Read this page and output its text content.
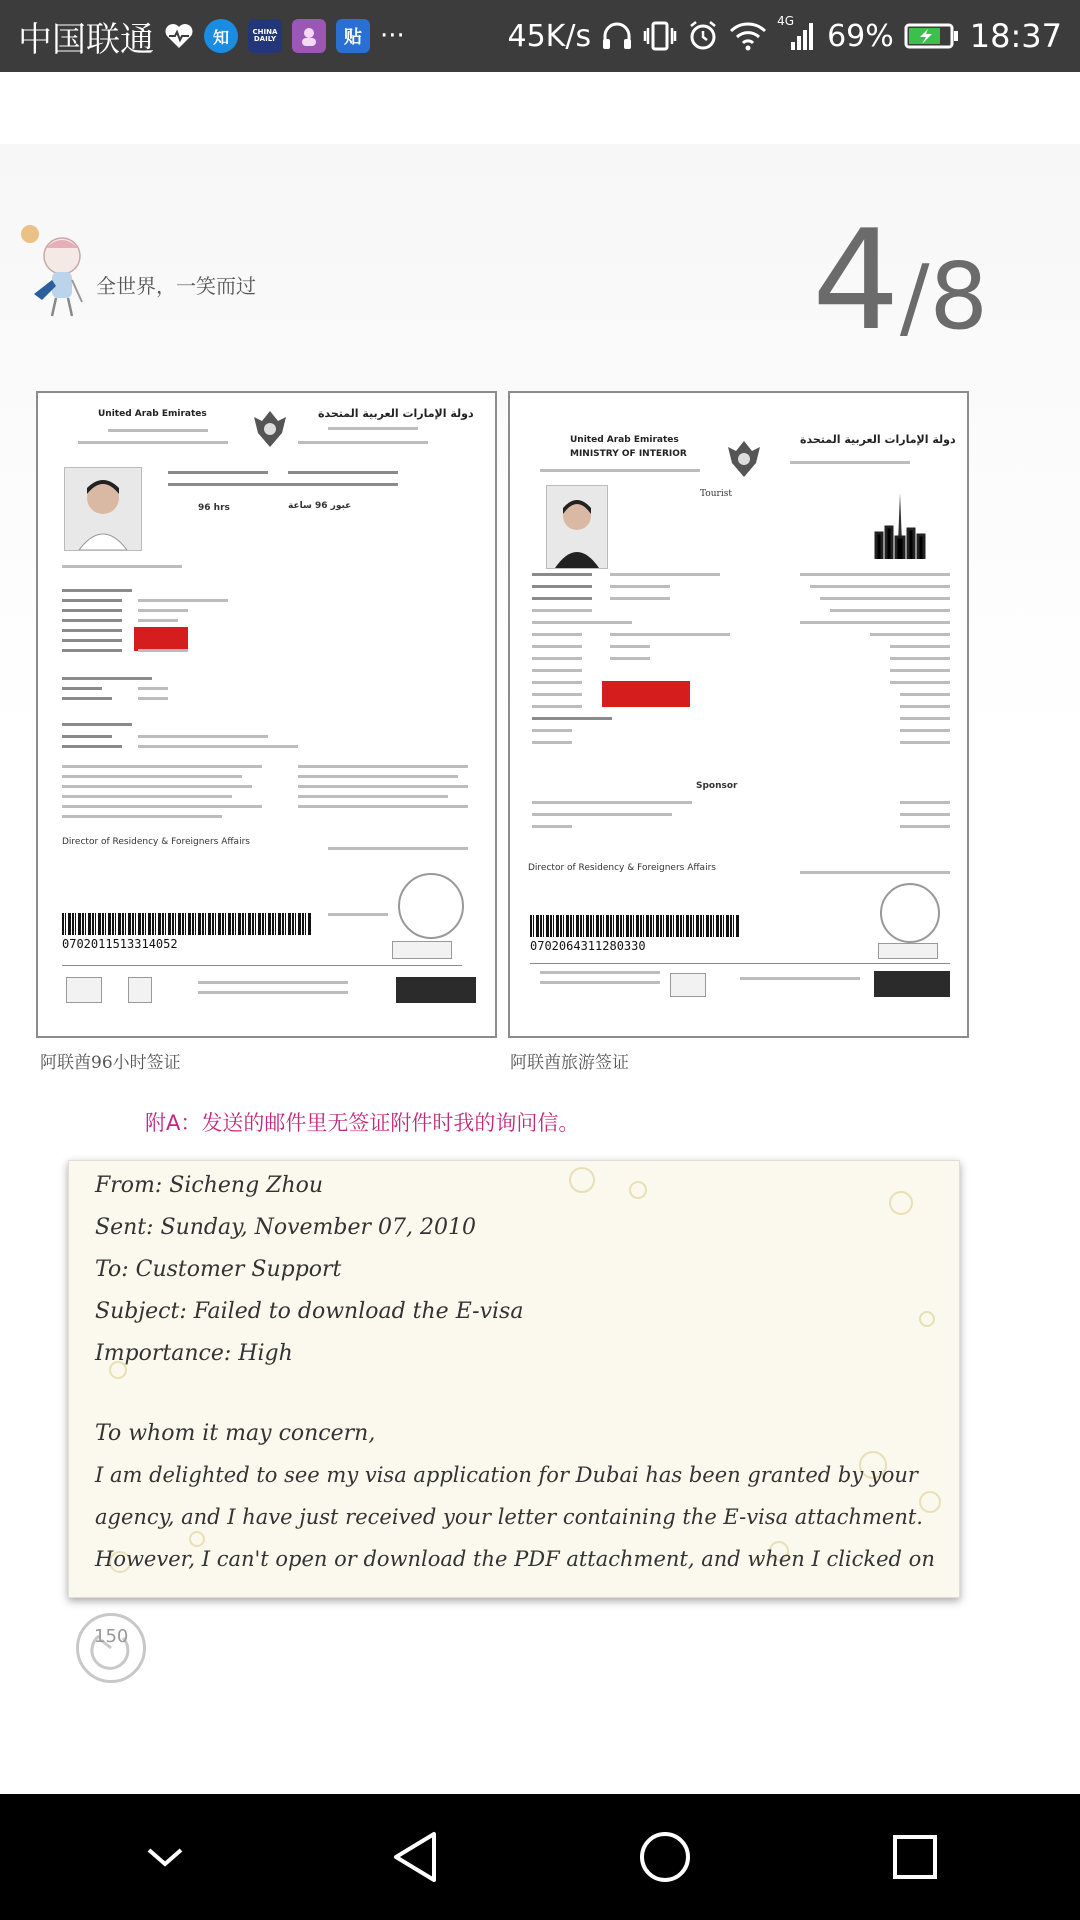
中国联通	知	CHINA DAILY	贴 ···	45K/s	4G 69% 18:37
全世界，一笑而过	4 / 8
United Arab Emirates	دولة الإمارات العربية المتحدة
96 hrs	عبور 96 ساعة
Director of Residency & Foreigners Affairs
0702011513314052
United Arab Emirates
MINISTRY OF INTERIOR
دولة الإمارات العربية المتحدة
Tourist
Sponsor
Director of Residency & Foreigners Affairs
0702064311280330
阿联酋96小时签证	阿联酋旅游签证
附A：发送的邮件里无签证附件时我的询问信。
From: Sicheng Zhou
Sent: Sunday, November 07, 2010
To: Customer Support
Subject: Failed to download the E-visa
Importance: High
To whom it may concern,
I am delighted to see my visa application for Dubai has been granted by your
agency, and I have just received your letter containing the E-visa attachment.
However, I can't open or download the PDF attachment, and when I clicked on
150
